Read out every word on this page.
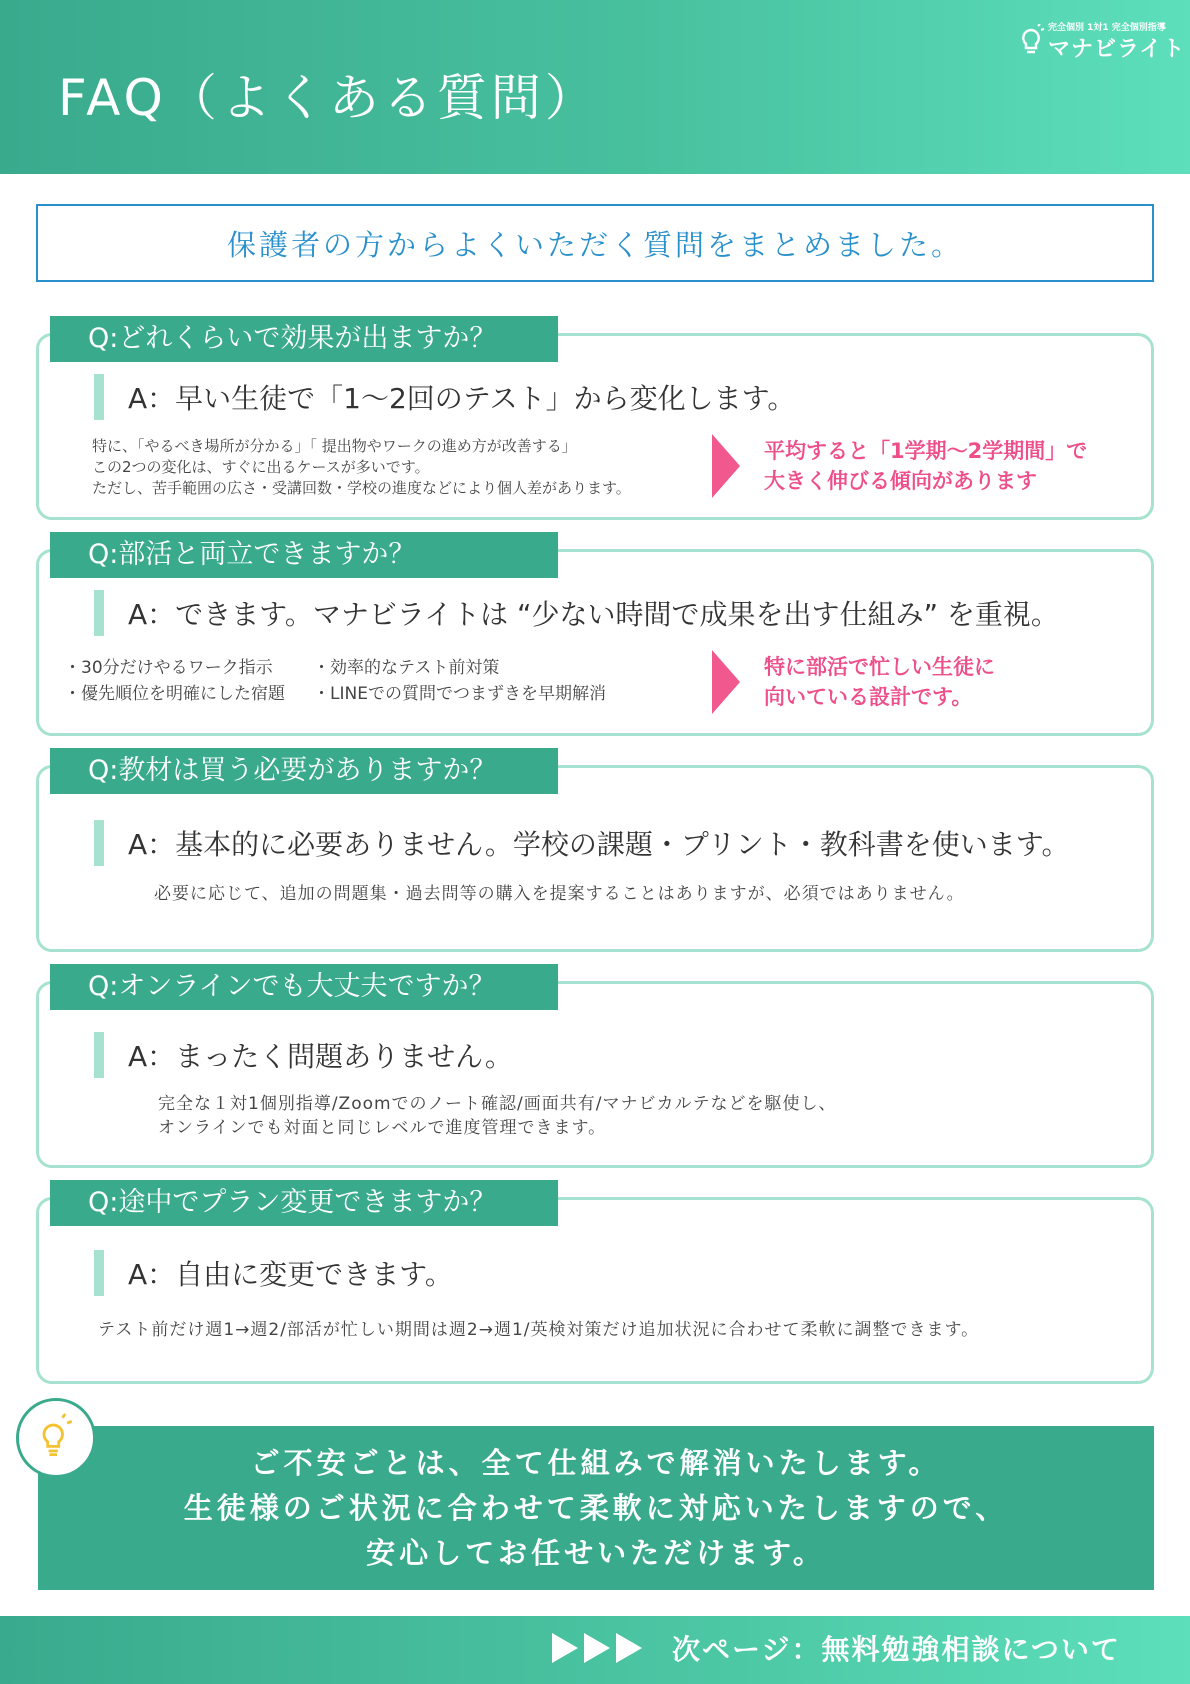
FAQ（よくある質問）
完全個別 1対1 完全個別指導
マナビライト
保護者の方からよくいただく質問をまとめました。
Q:どれくらいで効果が出ますか？
A：早い生徒で「1〜2回のテスト」から変化します。
特に、「やるべき場所が分かる」「 提出物やワークの進め方が改善する」
この2つの変化は、すぐに出るケースが多いです。
ただし、苦手範囲の広さ・受講回数・学校の進度などにより個人差があります。
平均すると「1学期〜2学期間」で
大きく伸びる傾向があります
Q:部活と両立できますか？
A：できます。マナビライトは “少ない時間で成果を出す仕組み” を重視。
・30分だけやるワーク指示	・効率的なテスト前対策
・優先順位を明確にした宿題 ・LINEでの質問でつまずきを早期解消
特に部活で忙しい生徒に
向いている設計です。
Q:教材は買う必要がありますか？
A：基本的に必要ありません。学校の課題・プリント・教科書を使います。
必要に応じて、追加の問題集・過去問等の購入を提案することはありますが、必須ではありません。
Q:オンラインでも大丈夫ですか？
A：まったく問題ありません。
完全な１対1個別指導/Zoomでのノート確認/画面共有/マナビカルテなどを駆使し、
オンラインでも対面と同じレベルで進度管理できます。
Q:途中でプラン変更できますか？
A：自由に変更できます。
テスト前だけ週1→週2/部活が忙しい期間は週2→週1/英検対策だけ追加状況に合わせて柔軟に調整できます。
ご不安ごとは、全て仕組みで解消いたします。
生徒様のご状況に合わせて柔軟に対応いたしますので、
安心してお任せいただけます。
次ページ：無料勉強相談について
